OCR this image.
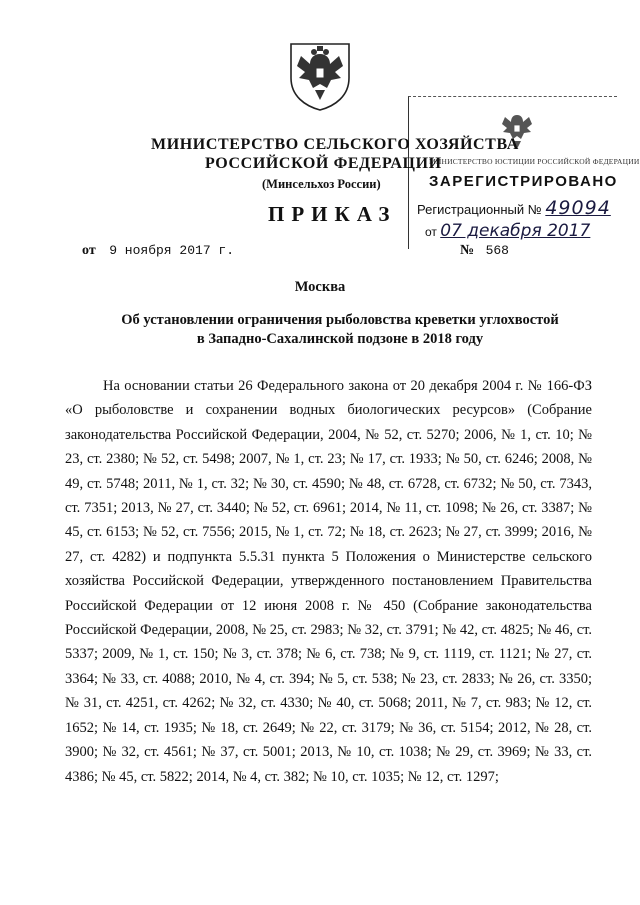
МИНИСТЕРСТВО ЮСТИЦИИ РОССИЙСКОЙ ФЕДЕРАЦИИ
ЗАРЕГИСТРИРОВАНО
Регистрационный № 49094
от 07 декабря 2017
МИНИСТЕРСТВО СЕЛЬСКОГО ХОЗЯЙСТВА
РОССИЙСКОЙ ФЕДЕРАЦИИ
(Минсельхоз России)
ПРИКАЗ
от 9 ноября 2017 г.	№ 568
Москва
Об установлении ограничения рыболовства креветки углохвостой
в Западно-Сахалинской подзоне в 2018 году

На основании статьи 26 Федерального закона от 20 декабря 2004 г. № 166-ФЗ «О рыболовстве и сохранении водных биологических ресурсов» (Собрание законодательства Российской Федерации, 2004, № 52, ст. 5270; 2006, № 1, ст. 10; № 23, ст. 2380; № 52, ст. 5498; 2007, № 1, ст. 23; № 17, ст. 1933; № 50, ст. 6246; 2008, № 49, ст. 5748; 2011, № 1, ст. 32; № 30, ст. 4590; № 48, ст. 6728, ст. 6732; № 50, ст. 7343, ст. 7351; 2013, № 27, ст. 3440; № 52, ст. 6961; 2014, № 11, ст. 1098; № 26, ст. 3387; № 45, ст. 6153; № 52, ст. 7556; 2015, № 1, ст. 72; № 18, ст. 2623; № 27, ст. 3999; 2016, № 27, ст. 4282) и подпункта 5.5.31 пункта 5 Положения о Министерстве сельского хозяйства Российской Федерации, утвержденного постановлением Правительства Российской Федерации от 12 июня 2008 г. № 450 (Собрание законодательства Российской Федерации, 2008, № 25, ст. 2983; № 32, ст. 3791; № 42, ст. 4825; № 46, ст. 5337; 2009, № 1, ст. 150; № 3, ст. 378; № 6, ст. 738; № 9, ст. 1119, ст. 1121; № 27, ст. 3364; № 33, ст. 4088; 2010, № 4, ст. 394; № 5, ст. 538; № 23, ст. 2833; № 26, ст. 3350; № 31, ст. 4251, ст. 4262; № 32, ст. 4330; № 40, ст. 5068; 2011, № 7, ст. 983; № 12, ст. 1652; № 14, ст. 1935; № 18, ст. 2649; № 22, ст. 3179; № 36, ст. 5154; 2012, № 28, ст. 3900; № 32, ст. 4561; № 37, ст. 5001; 2013, № 10, ст. 1038; № 29, ст. 3969; № 33, ст. 4386; № 45, ст. 5822; 2014, № 4, ст. 382; № 10, ст. 1035; № 12, ст. 1297;
